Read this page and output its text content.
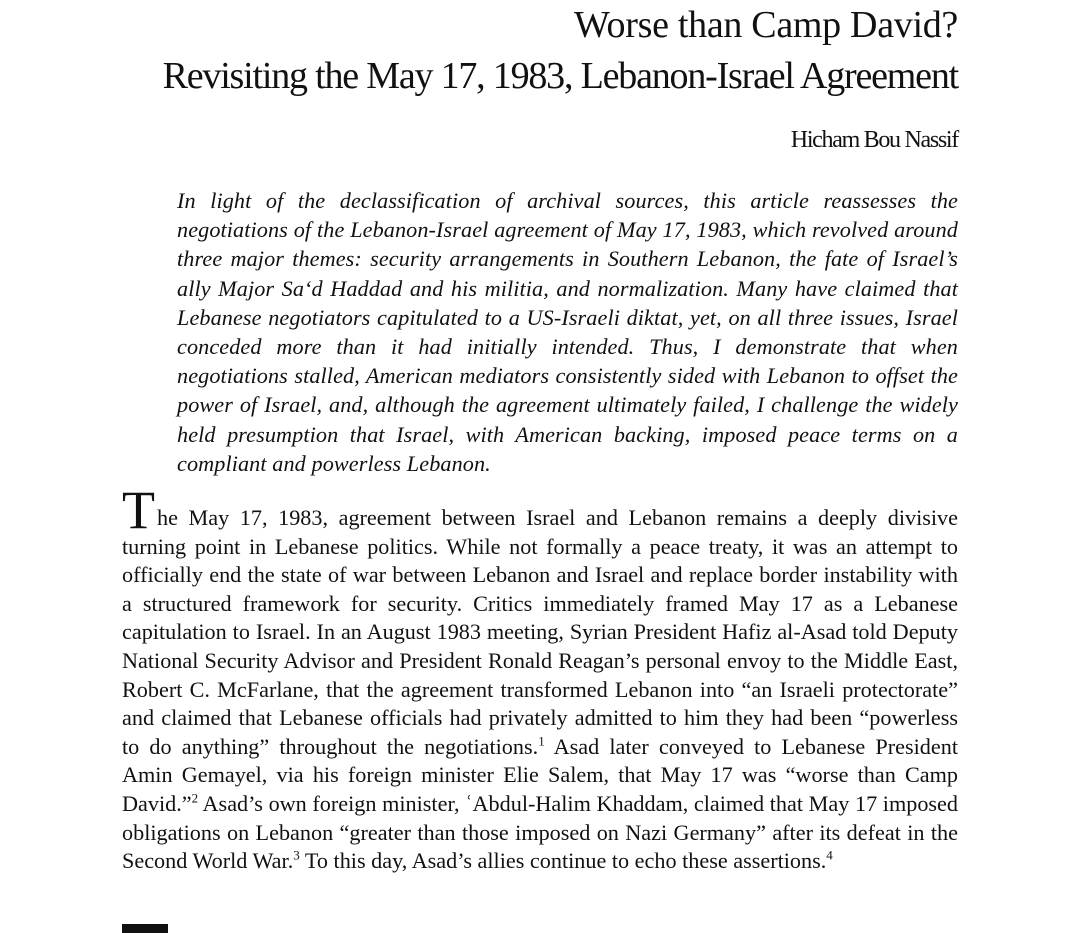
Worse than Camp David?
Revisiting the May 17, 1983, Lebanon-Israel Agreement
Hicham Bou Nassif

In light of the declassification of archival sources, this article reassesses the negotiations of the Lebanon-Israel agreement of May 17, 1983, which revolved around three major themes: security arrangements in Southern Lebanon, the fate of Israel’s ally Major Sa‘d Haddad and his militia, and normalization. Many have claimed that Lebanese negotiators capitulated to a US-Israeli diktat, yet, on all three issues, Israel conceded more than it had initially intended. Thus, I demonstrate that when negotiations stalled, American mediators consistently sided with Lebanon to offset the power of Israel, and, although the agreement ultimately failed, I challenge the widely held presumption that Israel, with American backing, imposed peace terms on a compliant and powerless Lebanon.

The May 17, 1983, agreement between Israel and Lebanon remains a deeply divisive turning point in Lebanese politics. While not formally a peace treaty, it was an attempt to officially end the state of war between Lebanon and Israel and replace border instability with a structured framework for security. Critics immediately framed May 17 as a Lebanese capitulation to Israel. In an August 1983 meeting, Syrian President Hafiz al-Asad told Deputy National Security Advisor and President Ronald Reagan’s personal envoy to the Middle East, Robert C. McFarlane, that the agreement transformed Lebanon into “an Israeli protectorate” and claimed that Lebanese officials had privately admitted to him they had been “powerless to do anything” throughout the negotiations.$^1$ Asad later conveyed to Lebanese President Amin Gemayel, via his foreign minister Elie Salem, that May 17 was “worse than Camp David.”$^2$ Asad’s own foreign minister, ʿAbdul-Halim Khaddam, claimed that May 17 imposed obligations on Lebanon “greater than those imposed on Nazi Germany” after its defeat in the Second World War.$^3$ To this day, Asad’s allies continue to echo these assertions.$^4$
